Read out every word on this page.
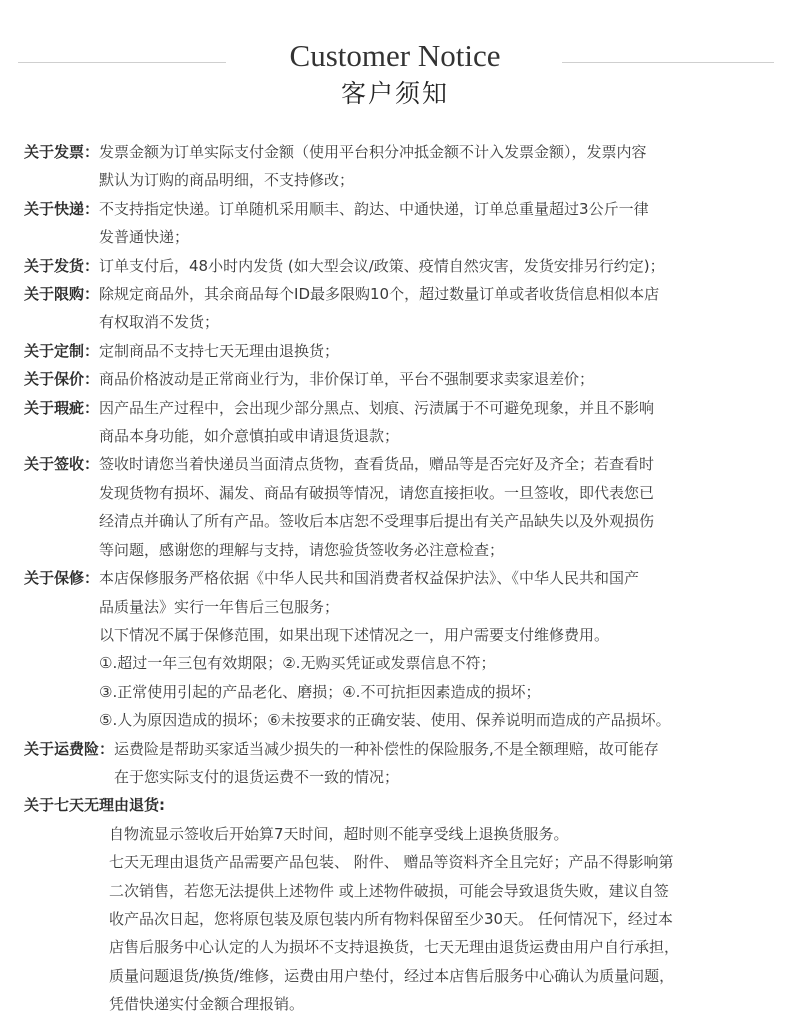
Customer Notice
客户须知
关于发票： 发票金额为订单实际支付金额（使用平台积分冲抵金额不计入发票金额），发票内容
默认为订购的商品明细，不支持修改；
关于快递： 不支持指定快递。订单随机采用顺丰、韵达、中通快递，订单总重量超过3公斤一律
发普通快递；
关于发货： 订单支付后，48小时内发货 (如大型会议/政策、疫情自然灾害，发货安排另行约定)；
关于限购： 除规定商品外，其余商品每个ID最多限购10个，超过数量订单或者收货信息相似本店
有权取消不发货；
关于定制： 定制商品不支持七天无理由退换货；
关于保价： 商品价格波动是正常商业行为，非价保订单，平台不强制要求卖家退差价；
关于瑕疵： 因产品生产过程中，会出现少部分黑点、划痕、污渍属于不可避免现象，并且不影响
商品本身功能，如介意慎拍或申请退货退款；
关于签收： 签收时请您当着快递员当面清点货物，查看货品，赠品等是否完好及齐全；若查看时
发现货物有损坏、漏发、商品有破损等情况，请您直接拒收。一旦签收，即代表您已
经清点并确认了所有产品。签收后本店恕不受理事后提出有关产品缺失以及外观损伤
等问题，感谢您的理解与支持，请您验货签收务必注意检查；
关于保修： 本店保修服务严格依据《中华人民共和国消费者权益保护法》、《中华人民共和国产
品质量法》实行一年售后三包服务；
以下情况不属于保修范围，如果出现下述情况之一，用户需要支付维修费用。
①.超过一年三包有效期限；②.无购买凭证或发票信息不符；
③.正常使用引起的产品老化、磨损；④.不可抗拒因素造成的损坏；
⑤.人为原因造成的损坏；⑥未按要求的正确安装、使用、保养说明而造成的产品损坏。
关于运费险： 运费险是帮助买家适当减少损失的一种补偿性的保险服务,不是全额理赔，故可能存
在于您实际支付的退货运费不一致的情况；
关于七天无理由退货:
自物流显示签收后开始算7天时间，超时则不能享受线上退换货服务。
七天无理由退货产品需要产品包装、 附件、 赠品等资料齐全且完好；产品不得影响第
二次销售，若您无法提供上述物件 或上述物件破损，可能会导致退货失败，建议自签
收产品次日起，您将原包装及原包装内所有物料保留至少30天。 任何情况下，经过本
店售后服务中心认定的人为损坏不支持退换货，七天无理由退货运费由用户自行承担，
质量问题退货/换货/维修，运费由用户垫付，经过本店售后服务中心确认为质量问题，
凭借快递实付金额合理报销。
